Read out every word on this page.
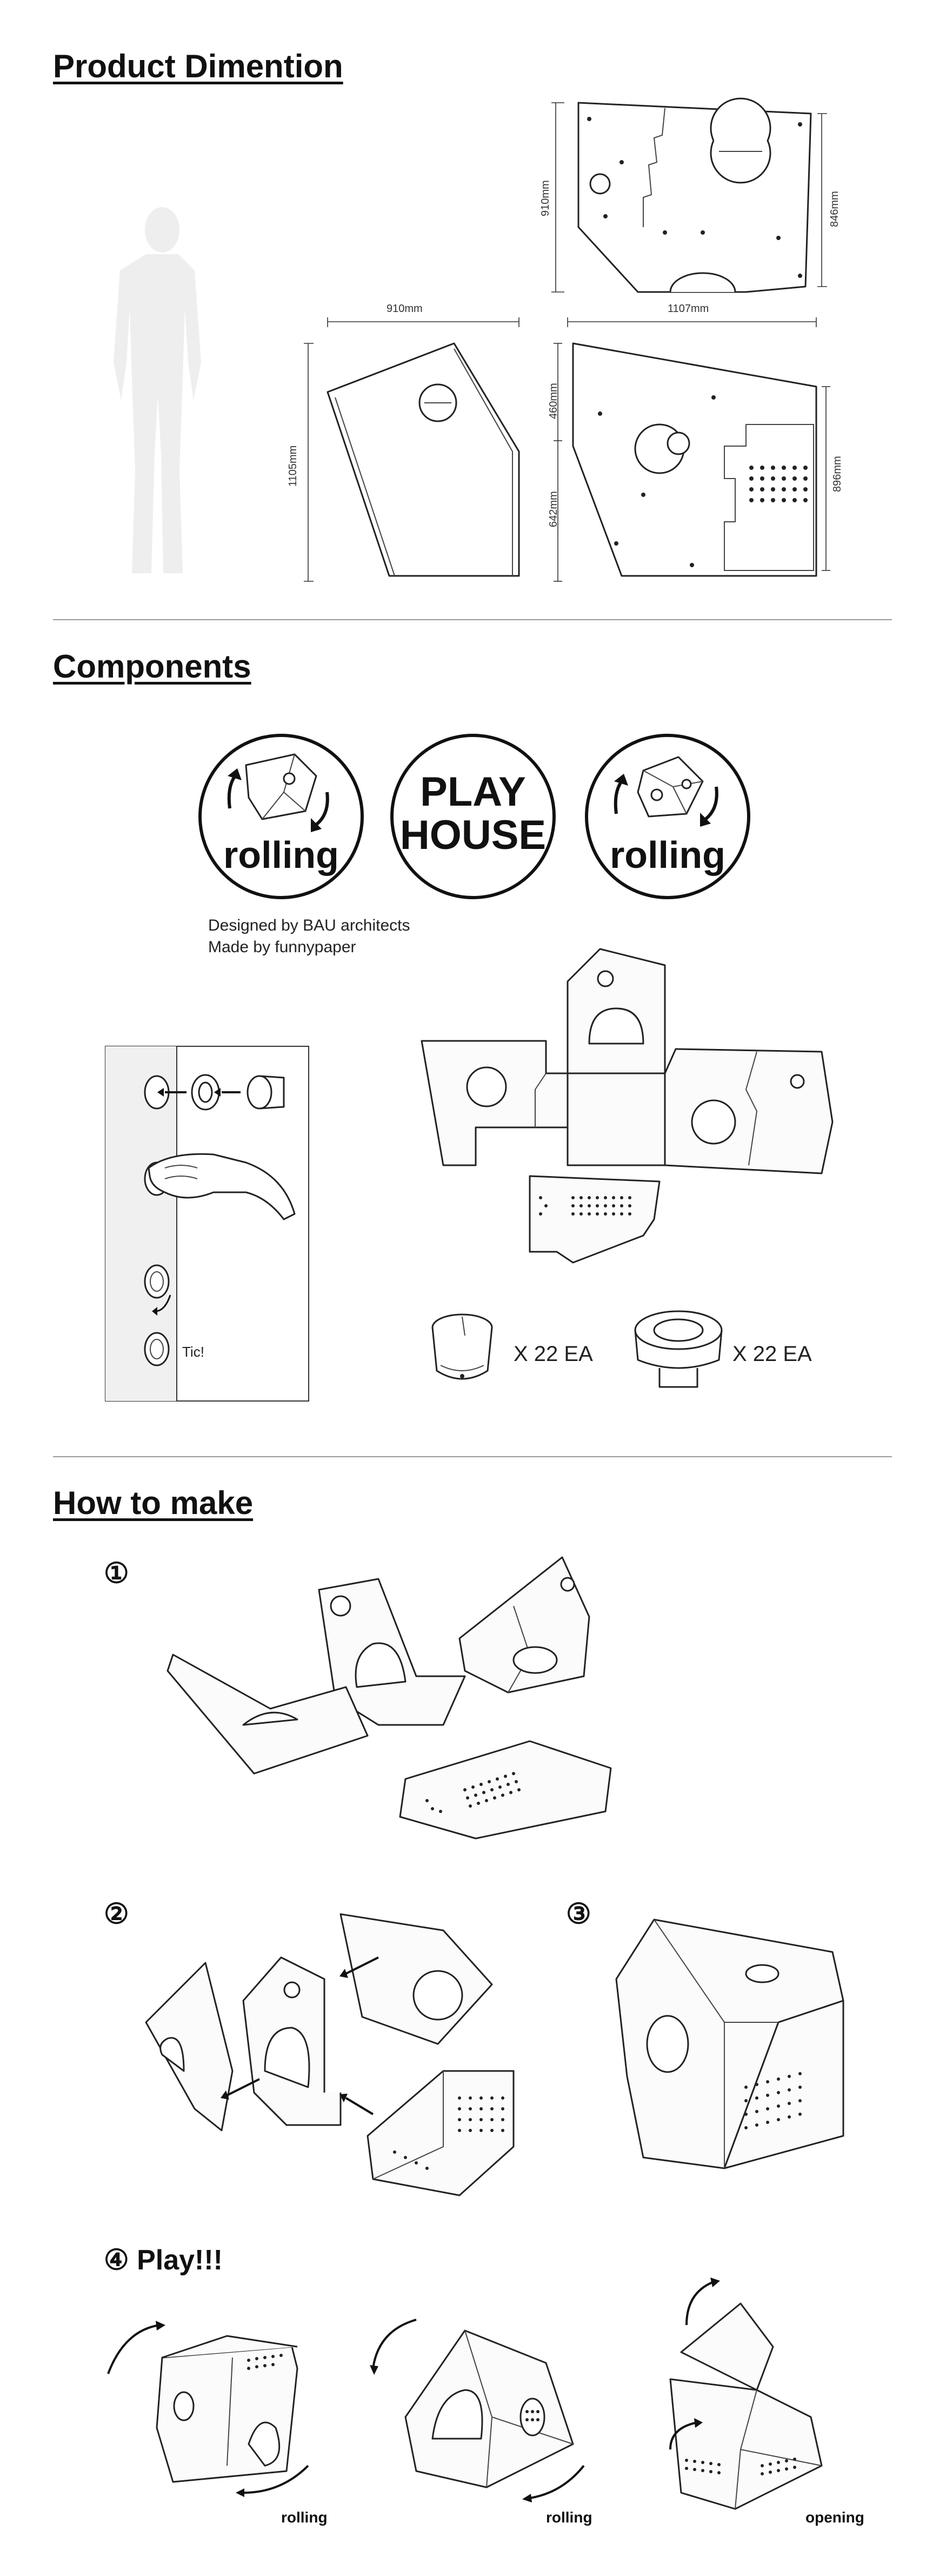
Product Dimention
910mm	846mm
910mm
1105mm
1107mm
460mm
642mm
896mm
Components
rolling
PLAY
HOUSE rolling
Designed by BAU architects
Made by funnypaper
Tic!	X 22 EA	X 22 EA
How to make
①
②	③
④ Play!!!
rolling	rolling	opening
